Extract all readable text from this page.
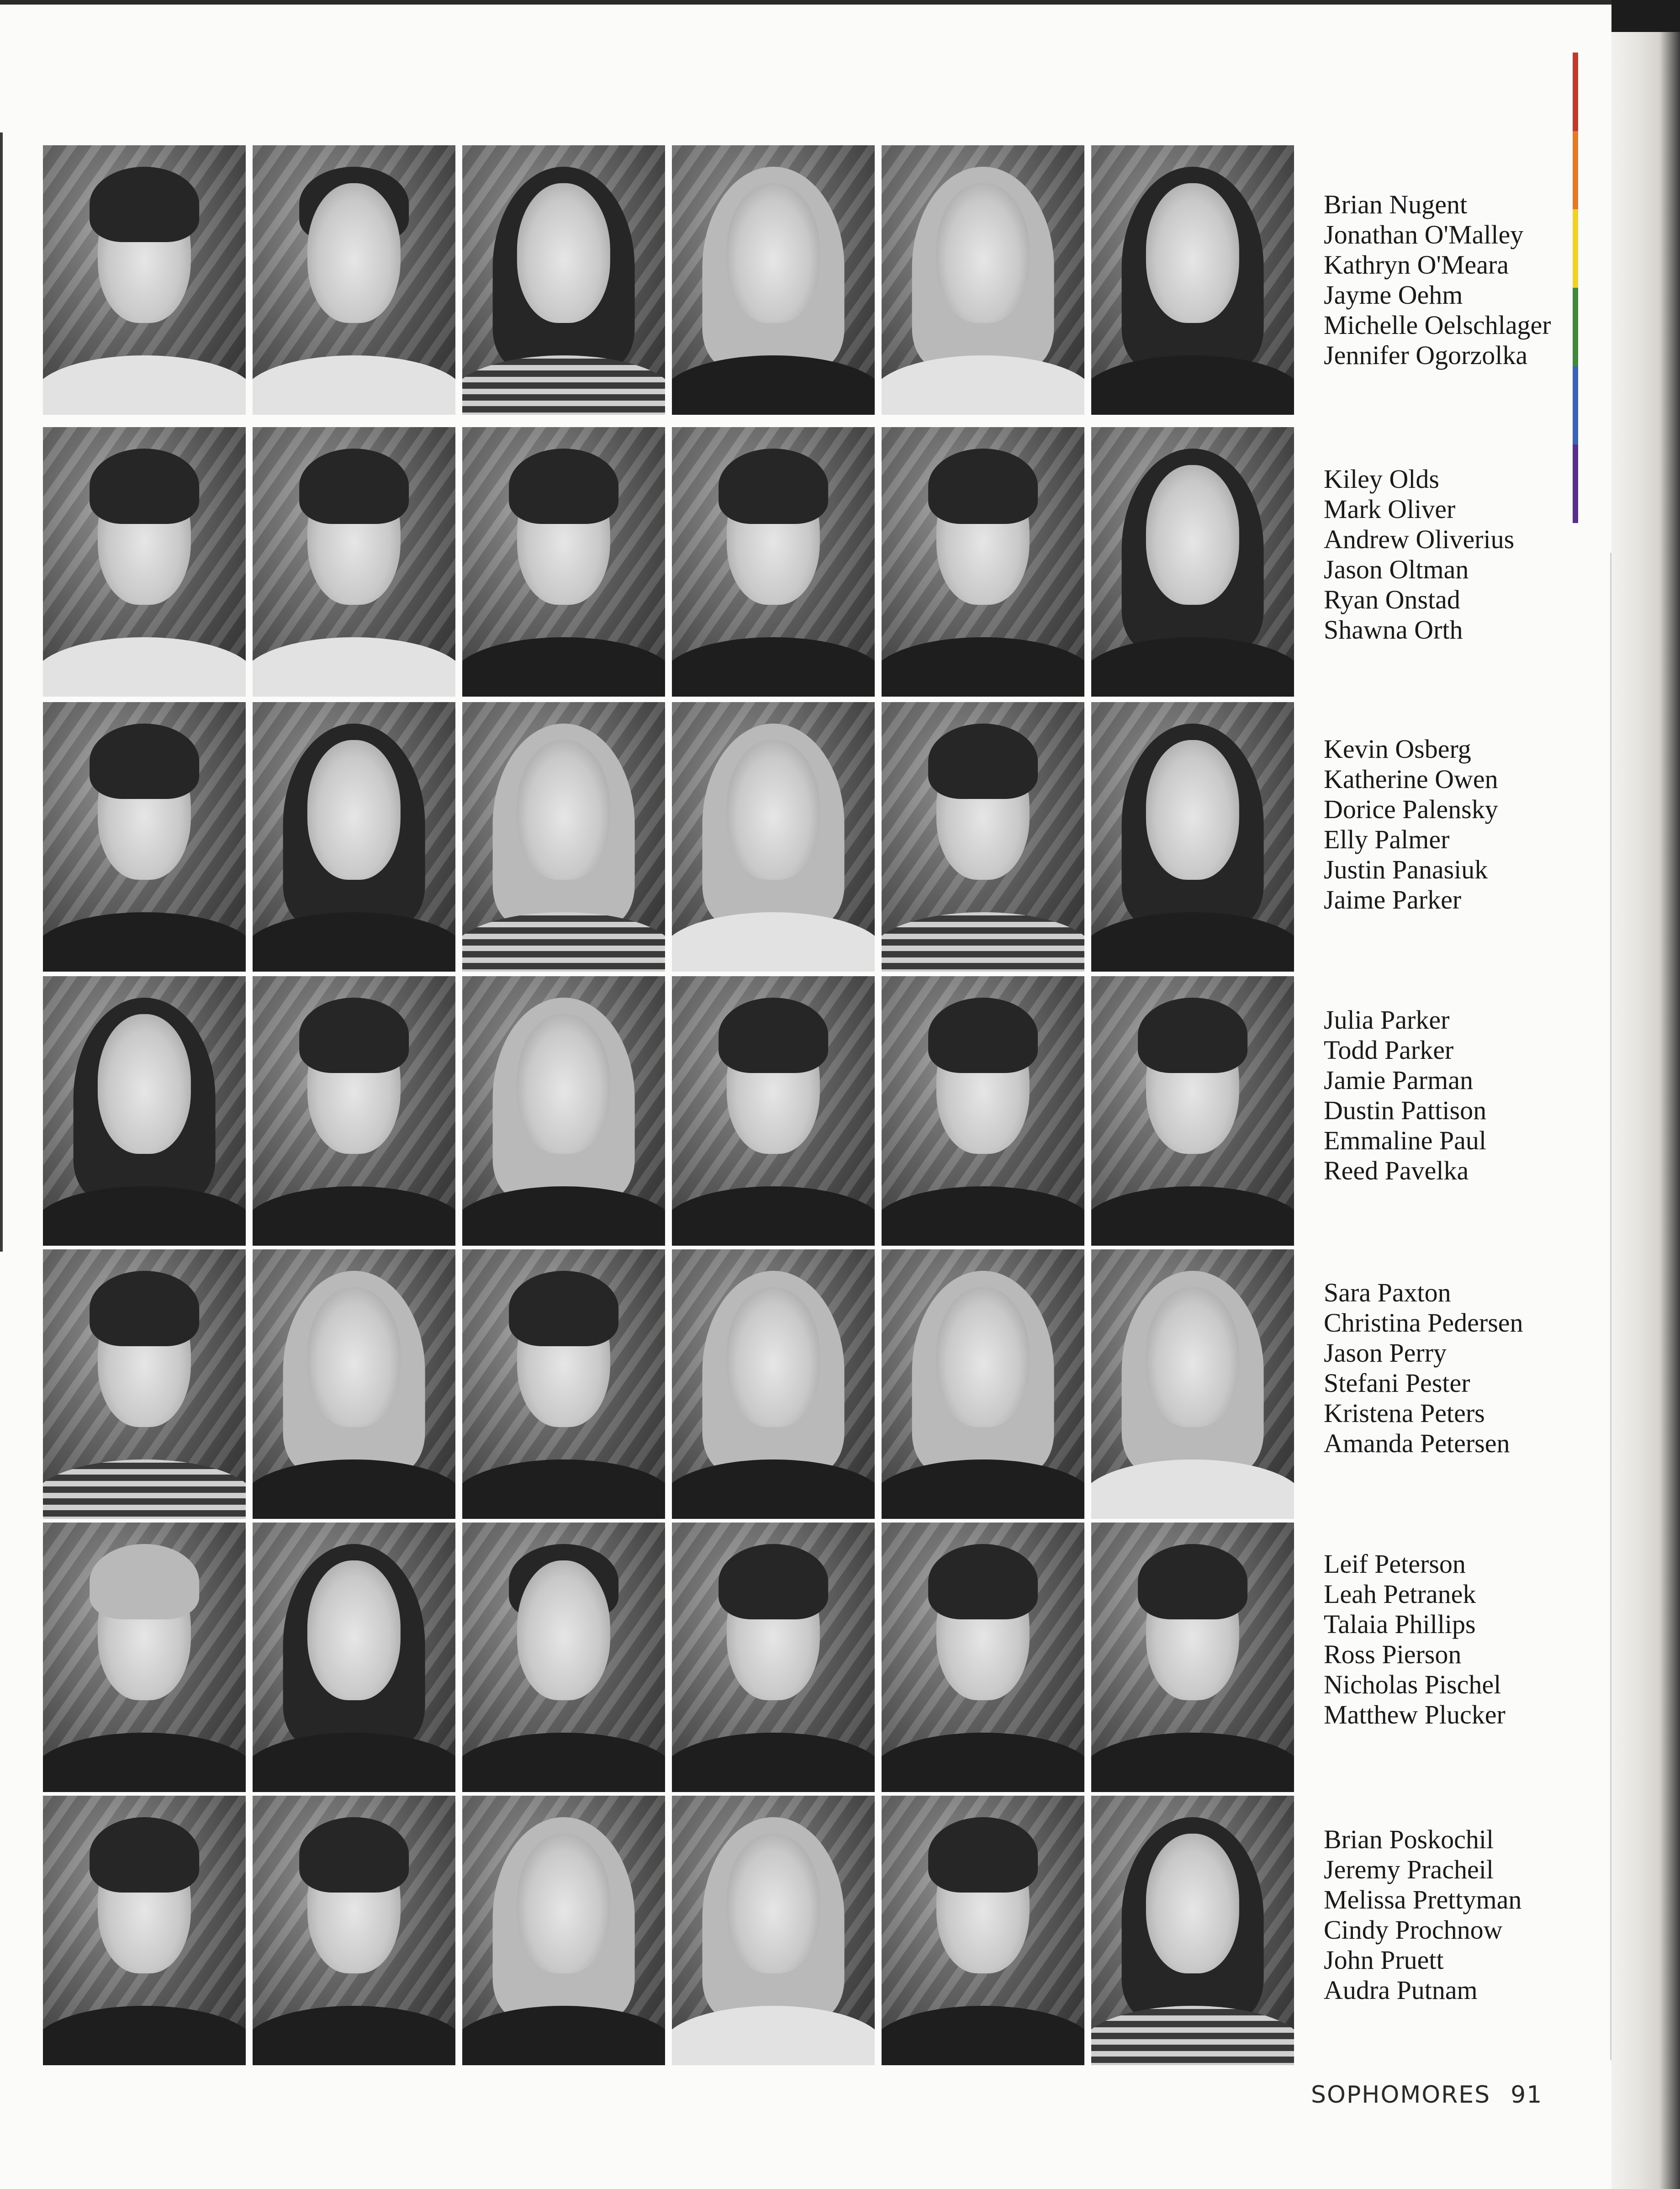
Brian Nugent
Jonathan O'Malley
Kathryn O'Meara
Jayme Oehm
Michelle Oelschlager
Jennifer Ogorzolka
Kiley Olds
Mark Oliver
Andrew Oliverius
Jason Oltman
Ryan Onstad
Shawna Orth
Kevin Osberg
Katherine Owen
Dorice Palensky
Elly Palmer
Justin Panasiuk
Jaime Parker
Julia Parker
Todd Parker
Jamie Parman
Dustin Pattison
Emmaline Paul
Reed Pavelka
Sara Paxton
Christina Pedersen
Jason Perry
Stefani Pester
Kristena Peters
Amanda Petersen
Leif Peterson
Leah Petranek
Talaia Phillips
Ross Pierson
Nicholas Pischel
Matthew Plucker
Brian Poskochil
Jeremy Pracheil
Melissa Prettyman
Cindy Prochnow
John Pruett
Audra Putnam
SOPHOMORES 91
